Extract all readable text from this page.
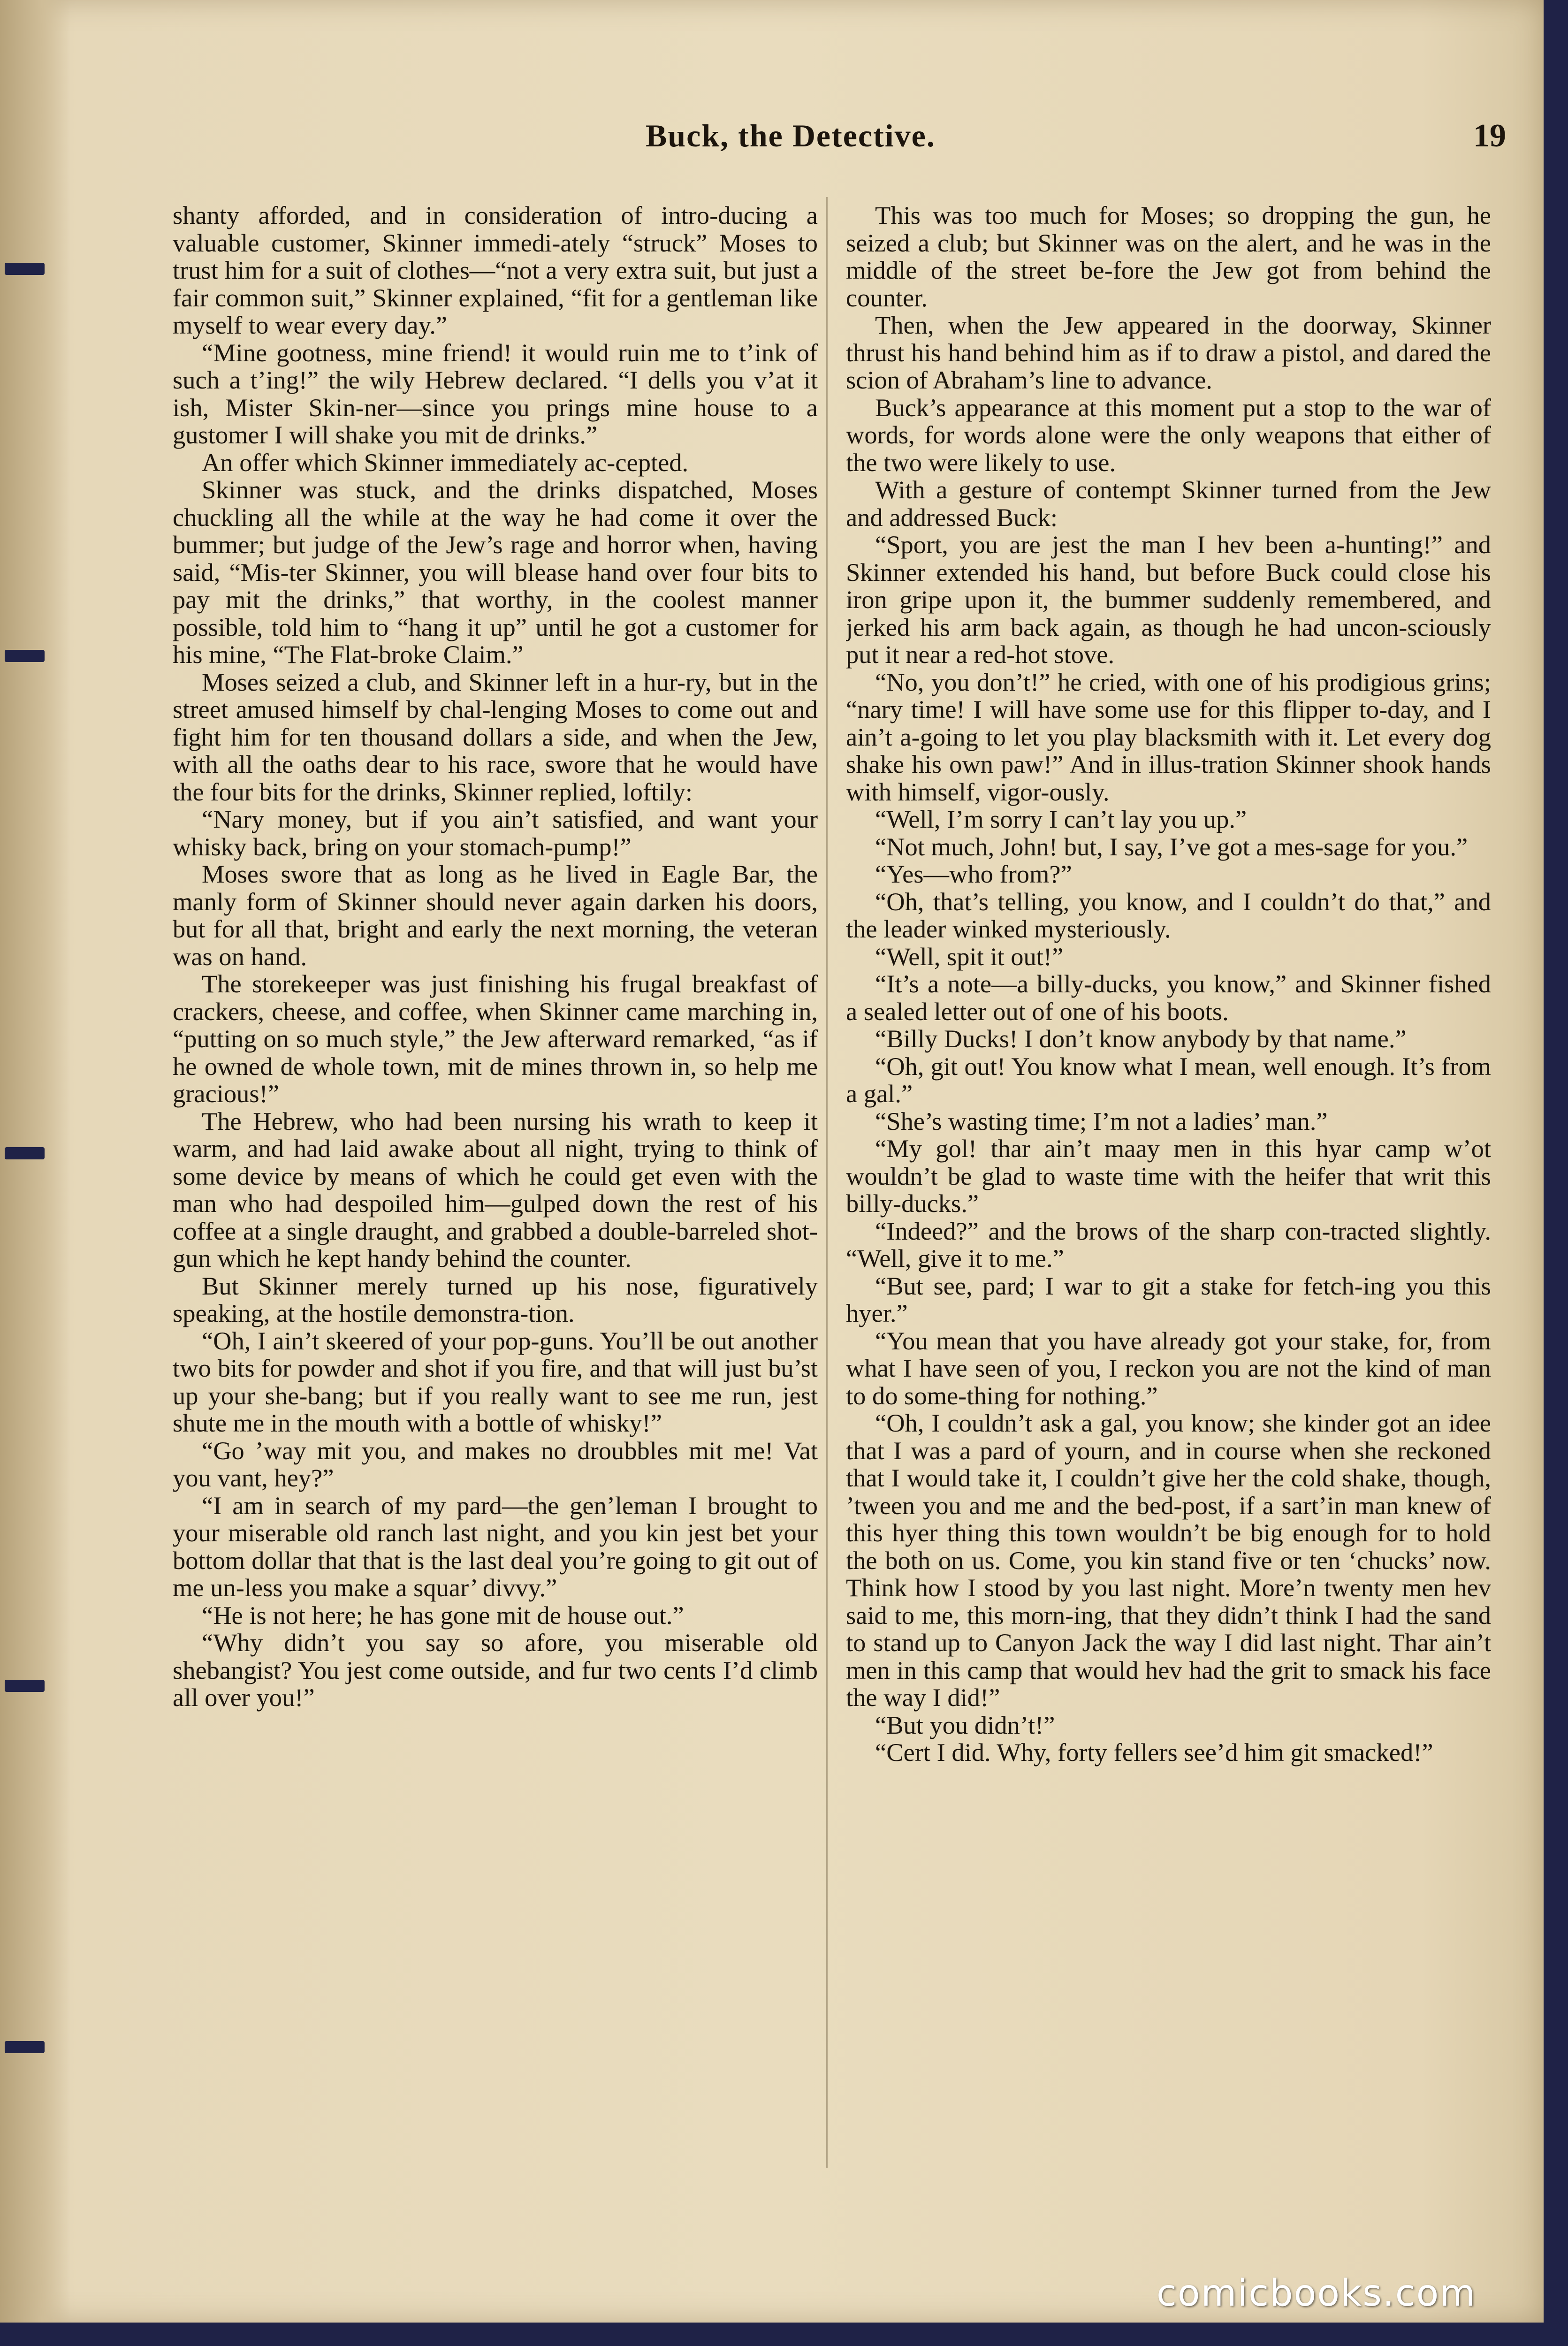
Buck, the Detective.	19

shanty afforded, and in consideration of intro-ducing a valuable customer, Skinner immedi-ately “struck” Moses to trust him for a suit of clothes—“not a very extra suit, but just a fair common suit,” Skinner explained, “fit for a gentleman like myself to wear every day.”

“Mine gootness, mine friend! it would ruin me to t’ink of such a t’ing!” the wily Hebrew declared. “I dells you v’at it ish, Mister Skin-ner—since you prings mine house to a gustomer I will shake you mit de drinks.”

An offer which Skinner immediately ac-cepted.

Skinner was stuck, and the drinks dispatched, Moses chuckling all the while at the way he had come it over the bummer; but judge of the Jew’s rage and horror when, having said, “Mis-ter Skinner, you will blease hand over four bits to pay mit the drinks,” that worthy, in the coolest manner possible, told him to “hang it up” until he got a customer for his mine, “The Flat-broke Claim.”

Moses seized a club, and Skinner left in a hur-ry, but in the street amused himself by chal-lenging Moses to come out and fight him for ten thousand dollars a side, and when the Jew, with all the oaths dear to his race, swore that he would have the four bits for the drinks, Skinner replied, loftily:

“Nary money, but if you ain’t satisfied, and want your whisky back, bring on your stomach-pump!”

Moses swore that as long as he lived in Eagle Bar, the manly form of Skinner should never again darken his doors, but for all that, bright and early the next morning, the veteran was on hand.

The storekeeper was just finishing his frugal breakfast of crackers, cheese, and coffee, when Skinner came marching in, “putting on so much style,” the Jew afterward remarked, “as if he owned de whole town, mit de mines thrown in, so help me gracious!”

The Hebrew, who had been nursing his wrath to keep it warm, and had laid awake about all night, trying to think of some device by means of which he could get even with the man who had despoiled him—gulped down the rest of his coffee at a single draught, and grabbed a double-barreled shot-gun which he kept handy behind the counter.

But Skinner merely turned up his nose, figuratively speaking, at the hostile demonstra-tion.

“Oh, I ain’t skeered of your pop-guns. You’ll be out another two bits for powder and shot if you fire, and that will just bu’st up your she-bang; but if you really want to see me run, jest shute me in the mouth with a bottle of whisky!”

“Go ’way mit you, and makes no droubbles mit me! Vat you vant, hey?”

“I am in search of my pard—the gen’leman I brought to your miserable old ranch last night, and you kin jest bet your bottom dollar that that is the last deal you’re going to git out of me un-less you make a squar’ divvy.”

“He is not here; he has gone mit de house out.”

“Why didn’t you say so afore, you miserable old shebangist? You jest come outside, and fur two cents I’d climb all over you!”

This was too much for Moses; so dropping the gun, he seized a club; but Skinner was on the alert, and he was in the middle of the street be-fore the Jew got from behind the counter.

Then, when the Jew appeared in the doorway, Skinner thrust his hand behind him as if to draw a pistol, and dared the scion of Abraham’s line to advance.

Buck’s appearance at this moment put a stop to the war of words, for words alone were the only weapons that either of the two were likely to use.

With a gesture of contempt Skinner turned from the Jew and addressed Buck:

“Sport, you are jest the man I hev been a-hunting!” and Skinner extended his hand, but before Buck could close his iron gripe upon it, the bummer suddenly remembered, and jerked his arm back again, as though he had uncon-sciously put it near a red-hot stove.

“No, you don’t!” he cried, with one of his prodigious grins; “nary time! I will have some use for this flipper to-day, and I ain’t a-going to let you play blacksmith with it. Let every dog shake his own paw!” And in illus-tration Skinner shook hands with himself, vigor-ously.

“Well, I’m sorry I can’t lay you up.”

“Not much, John! but, I say, I’ve got a mes-sage for you.”

“Yes—who from?”

“Oh, that’s telling, you know, and I couldn’t do that,” and the leader winked mysteriously.

“Well, spit it out!”

“It’s a note—a billy-ducks, you know,” and Skinner fished a sealed letter out of one of his boots.

“Billy Ducks! I don’t know anybody by that name.”

“Oh, git out! You know what I mean, well enough. It’s from a gal.”

“She’s wasting time; I’m not a ladies’ man.”

“My gol! thar ain’t maay men in this hyar camp w’ot wouldn’t be glad to waste time with the heifer that writ this billy-ducks.”

“Indeed?” and the brows of the sharp con-tracted slightly. “Well, give it to me.”

“But see, pard; I war to git a stake for fetch-ing you this hyer.”

“You mean that you have already got your stake, for, from what I have seen of you, I reckon you are not the kind of man to do some-thing for nothing.”

“Oh, I couldn’t ask a gal, you know; she kinder got an idee that I was a pard of yourn, and in course when she reckoned that I would take it, I couldn’t give her the cold shake, though, ’tween you and me and the bed-post, if a sart’in man knew of this hyer thing this town wouldn’t be big enough for to hold the both on us. Come, you kin stand five or ten ‘chucks’ now. Think how I stood by you last night. More’n twenty men hev said to me, this morn-ing, that they didn’t think I had the sand to stand up to Canyon Jack the way I did last night. Thar ain’t men in this camp that would hev had the grit to smack his face the way I did!”

“But you didn’t!”

“Cert I did. Why, forty fellers see’d him git smacked!”

comicbooks.com
